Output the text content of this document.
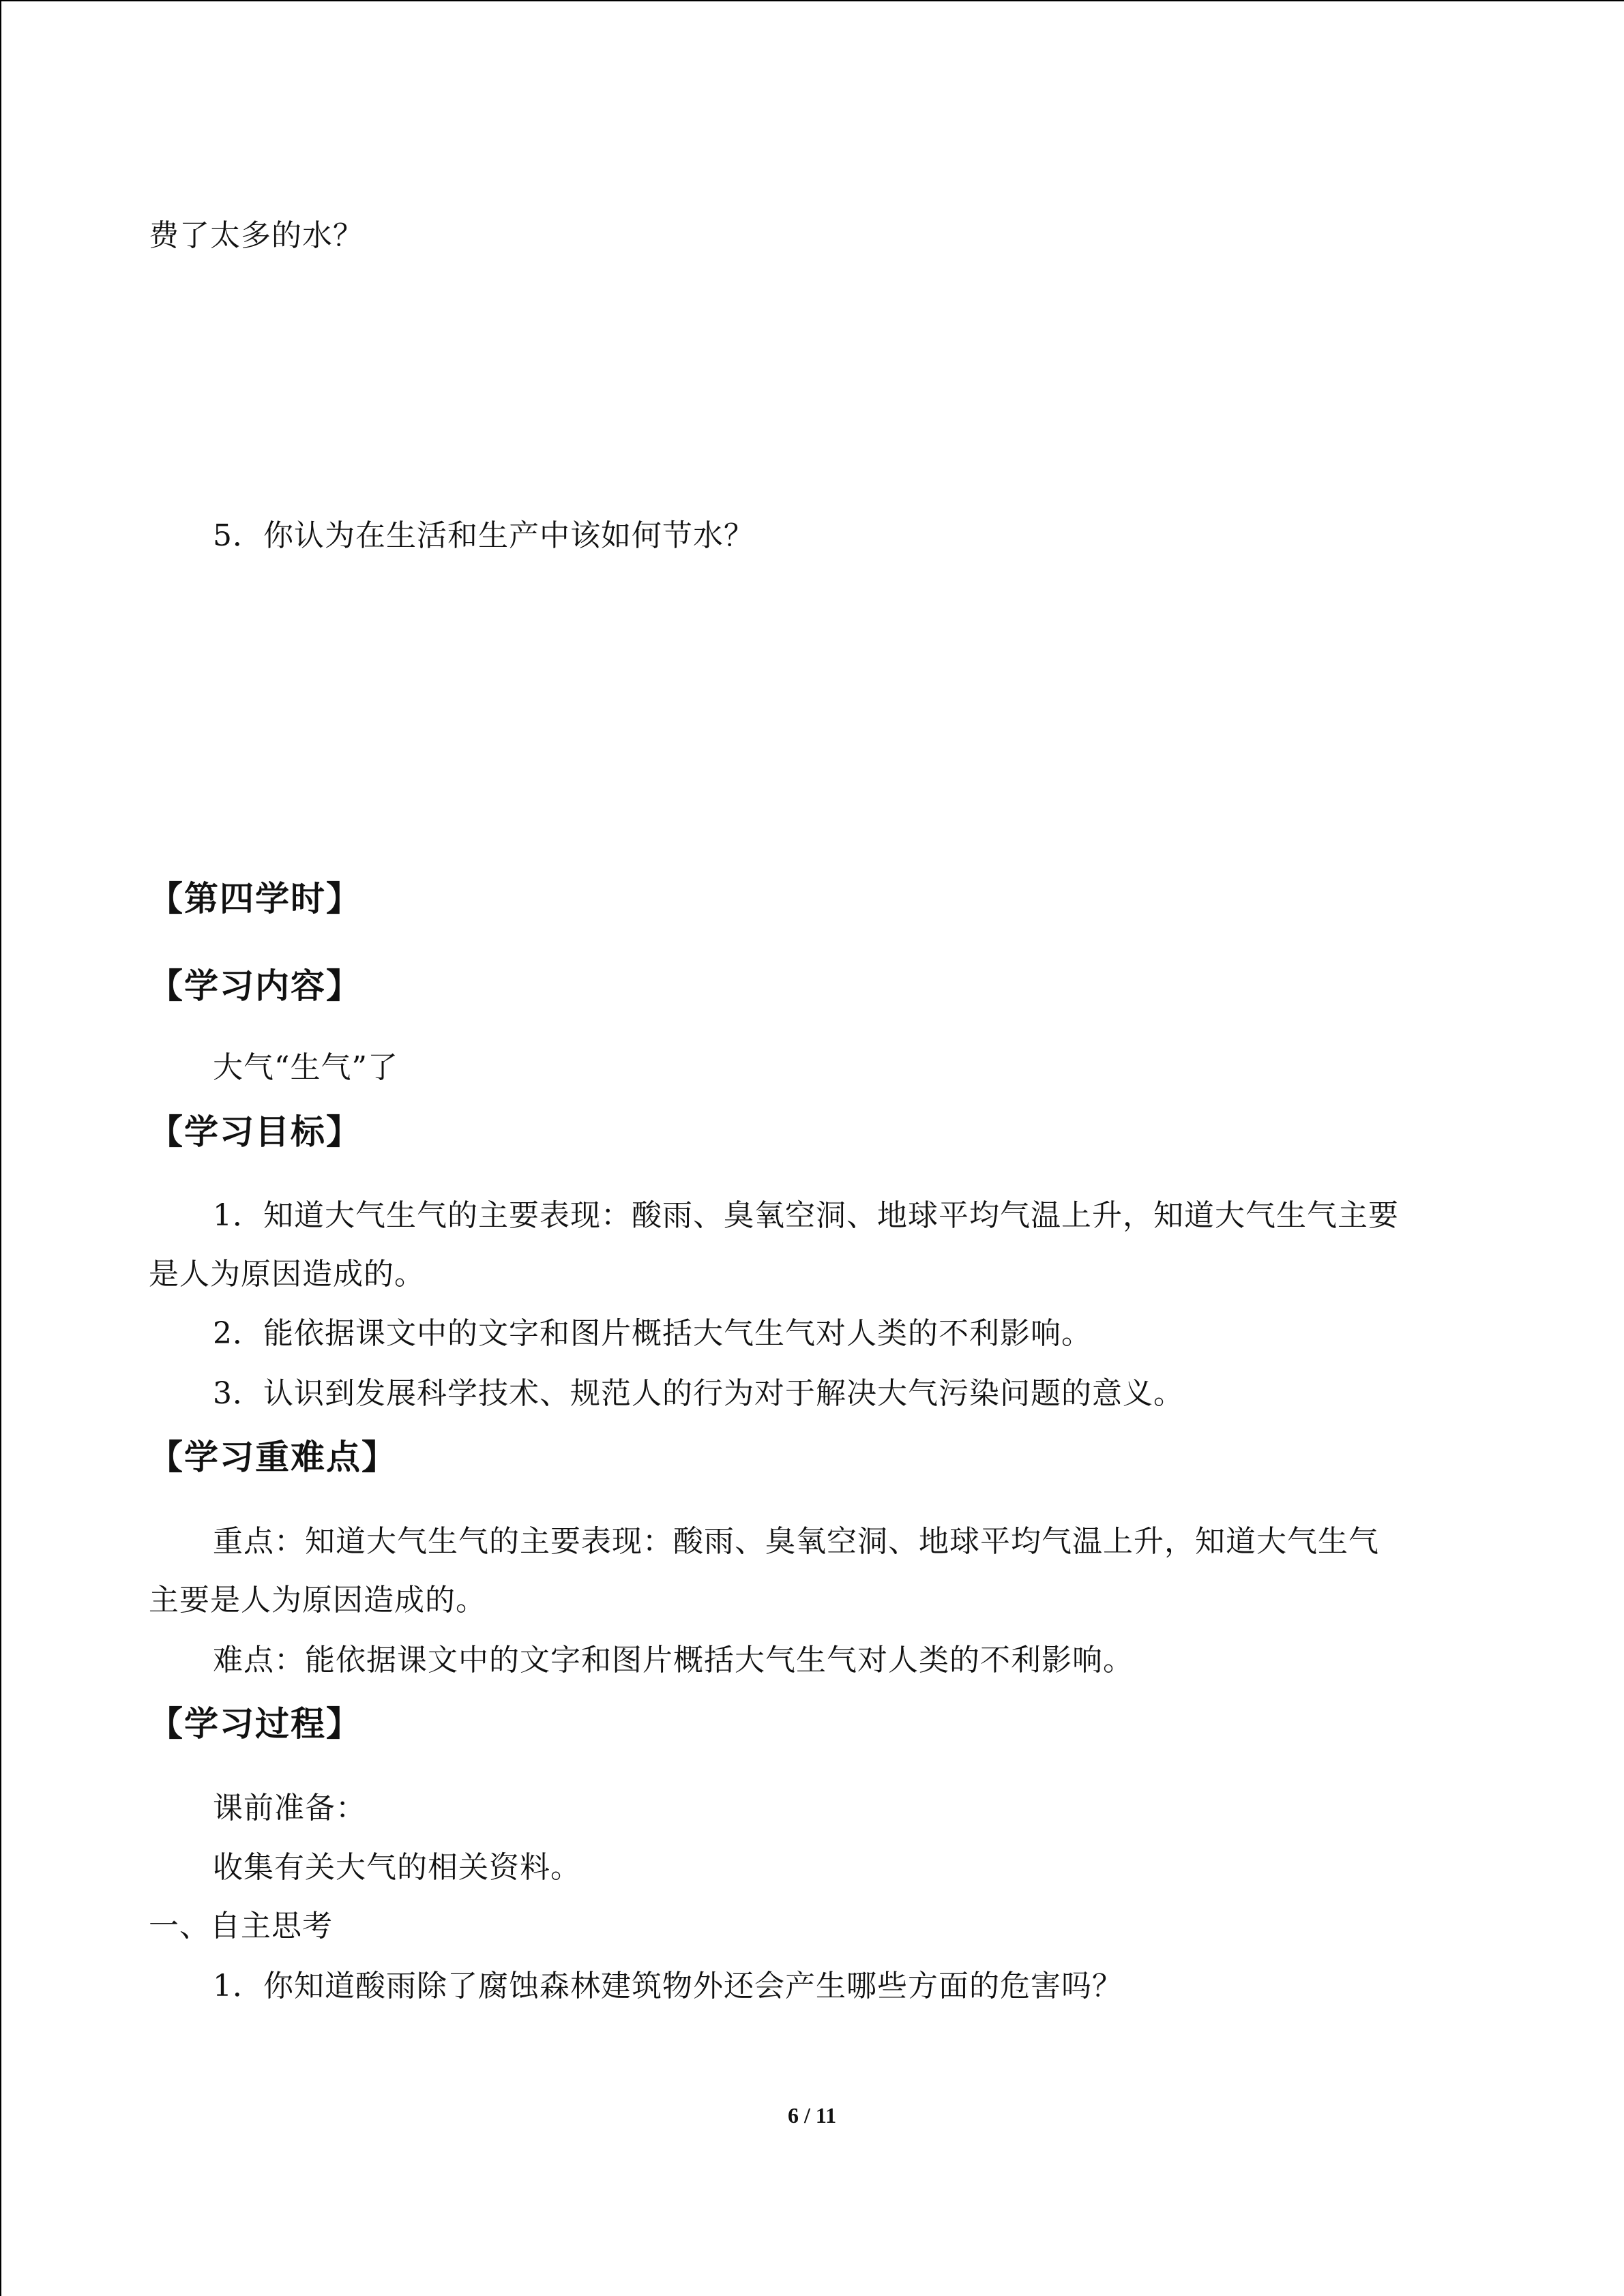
费了太多的水？
5．你认为在生活和生产中该如何节水？
【第四学时】
【学习内容】
大气“生气”了
【学习目标】
1．知道大气生气的主要表现：酸雨、臭氧空洞、地球平均气温上升，知道大气生气主要
是人为原因造成的。
2．能依据课文中的文字和图片概括大气生气对人类的不利影响。
3．认识到发展科学技术、规范人的行为对于解决大气污染问题的意义。
【学习重难点】
重点：知道大气生气的主要表现：酸雨、臭氧空洞、地球平均气温上升，知道大气生气
主要是人为原因造成的。
难点：能依据课文中的文字和图片概括大气生气对人类的不利影响。
【学习过程】
课前准备：
收集有关大气的相关资料。
一、自主思考
1．你知道酸雨除了腐蚀森林建筑物外还会产生哪些方面的危害吗？
6 / 11
